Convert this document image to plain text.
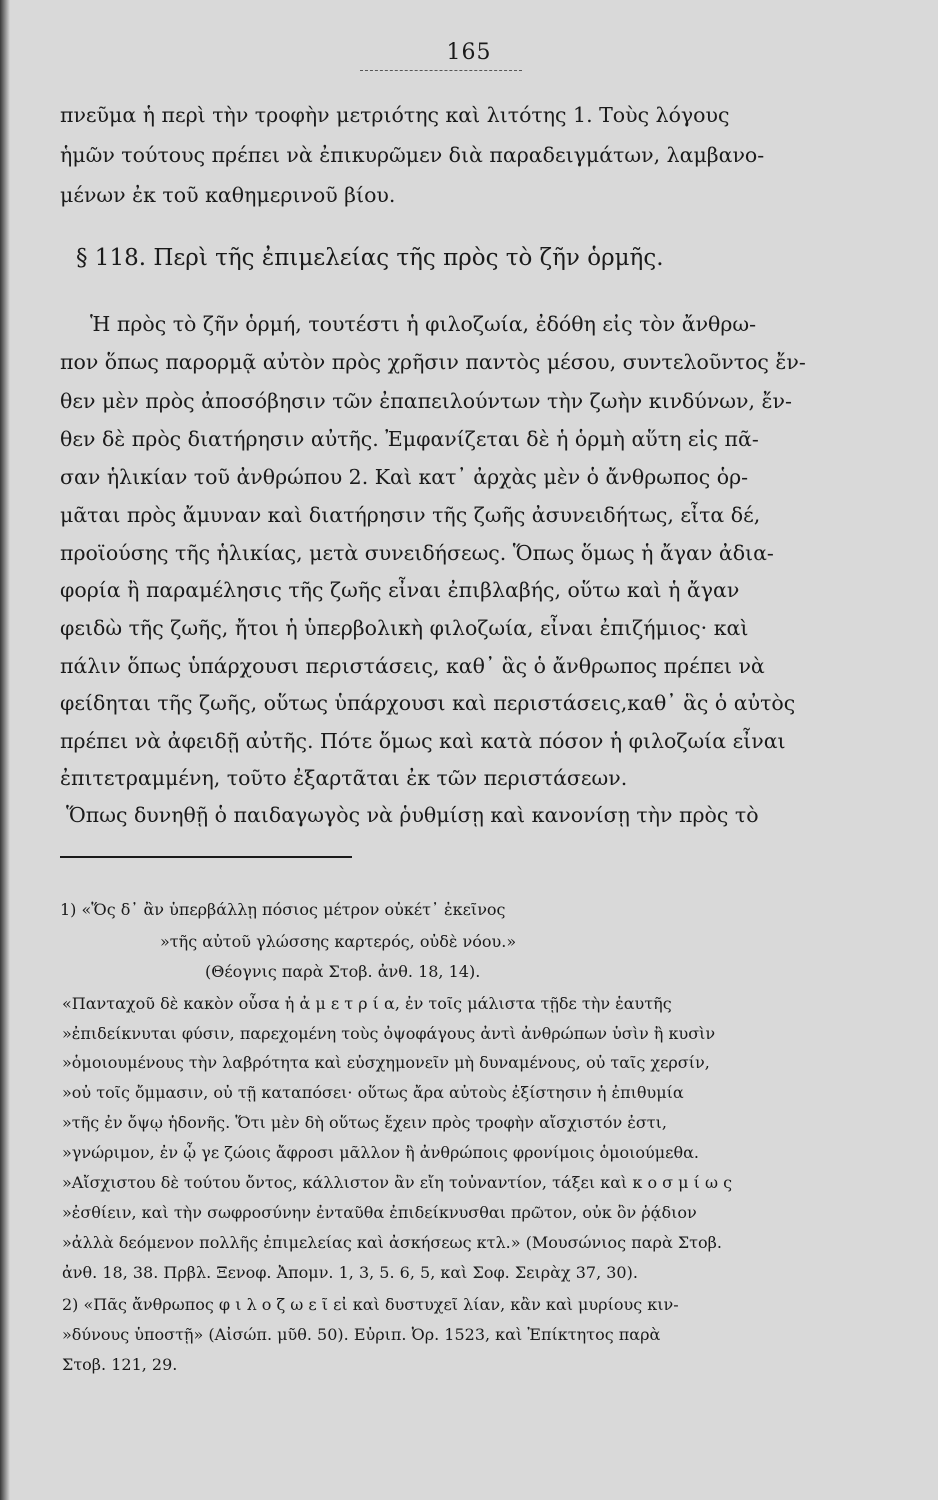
165
πνεῦμα ἡ περὶ τὴν τροφὴν μετριότης καὶ λιτότης 1. Τοὺς λόγους
ἡμῶν τούτους πρέπει νὰ ἐπικυρῶμεν διὰ παραδειγμάτων, λαμβανο-
μένων ἐκ τοῦ καθημερινοῦ βίου.
§ 118. Περὶ τῆς ἐπιμελείας τῆς πρὸς τὸ ζῆν ὁρμῆς.
Ἡ πρὸς τὸ ζῆν ὁρμή, τουτέστι ἡ φιλοζωία, ἐδόθη εἰς τὸν ἄνθρω-
πον ὅπως παρορμᾷ αὐτὸν πρὸς χρῆσιν παντὸς μέσου, συντελοῦντος ἔν-
θεν μὲν πρὸς ἀποσόβησιν τῶν ἐπαπειλούντων τὴν ζωὴν κινδύνων, ἔν-
θεν δὲ πρὸς διατήρησιν αὐτῆς. Ἐμφανίζεται δὲ ἡ ὁρμὴ αὕτη εἰς πᾶ-
σαν ἡλικίαν τοῦ ἀνθρώπου 2. Καὶ κατ᾽ ἀρχὰς μὲν ὁ ἄνθρωπος ὁρ-
μᾶται πρὸς ἄμυναν καὶ διατήρησιν τῆς ζωῆς ἀσυνειδήτως, εἶτα δέ,
προϊούσης τῆς ἡλικίας, μετὰ συνειδήσεως. Ὅπως ὅμως ἡ ἄγαν ἀδια-
φορία ἢ παραμέλησις τῆς ζωῆς εἶναι ἐπιβλαβής, οὕτω καὶ ἡ ἄγαν
φειδὼ τῆς ζωῆς, ἤτοι ἡ ὑπερβολικὴ φιλοζωία, εἶναι ἐπιζήμιος· καὶ
πάλιν ὅπως ὑπάρχουσι περιστάσεις, καθ᾽ ἃς ὁ ἄνθρωπος πρέπει νὰ
φείδηται τῆς ζωῆς, οὕτως ὑπάρχουσι καὶ περιστάσεις,καθ᾽ ἃς ὁ αὐτὸς
πρέπει νὰ ἀφειδῇ αὐτῆς. Πότε ὅμως καὶ κατὰ πόσον ἡ φιλοζωία εἶναι
ἐπιτετραμμένη, τοῦτο ἐξαρτᾶται ἐκ τῶν περιστάσεων.
Ὅπως δυνηθῇ ὁ παιδαγωγὸς νὰ ῥυθμίσῃ καὶ κανονίσῃ τὴν πρὸς τὸ
1) «Ὅς δ᾽ ἂν ὑπερβάλλῃ πόσιος μέτρον οὐκέτ᾽ ἐκεῖνος
»τῆς αὐτοῦ γλώσσης καρτερός, οὐδὲ νόου.»
(Θέογνις παρὰ Στοβ. ἀνθ. 18, 14).
«Πανταχοῦ δὲ κακὸν οὖσα ἡ ἀ μ ε τ ρ ί α, ἐν τοῖς μάλιστα τῇδε τὴν ἑαυτῆς
»ἐπιδείκνυται φύσιν, παρεχομένη τοὺς ὀψοφάγους ἀντὶ ἀνθρώπων ὑσὶν ἢ κυσὶν
»ὁμοιουμένους τὴν λαβρότητα καὶ εὐσχημονεῖν μὴ δυναμένους, οὐ ταῖς χερσίν,
»οὐ τοῖς ὄμμασιν, οὐ τῇ καταπόσει· οὕτως ἄρα αὐτοὺς ἐξίστησιν ἡ ἐπιθυμία
»τῆς ἐν ὄψῳ ἡδονῆς. Ὅτι μὲν δὴ οὕτως ἔχειν πρὸς τροφὴν αἴσχιστόν ἐστι,
»γνώριμον, ἐν ᾧ γε ζώοις ἄφροσι μᾶλλον ἢ ἀνθρώποις φρονίμοις ὁμοιούμεθα.
»Αἴσχιστου δὲ τούτου ὄντος, κάλλιστον ἂν εἴη τοὐναντίον, τάξει καὶ κ ο σ μ ί ω ς
»ἐσθίειν, καὶ τὴν σωφροσύνην ἐνταῦθα ἐπιδείκνυσθαι πρῶτον, οὐκ ὂν ῥᾴδιον
»ἀλλὰ δεόμενον πολλῆς ἐπιμελείας καὶ ἀσκήσεως κτλ.» (Μουσώνιος παρὰ Στοβ.
ἀνθ. 18, 38. Πρβλ. Ξενοφ. Ἀπομν. 1, 3, 5. 6, 5, καὶ Σοφ. Σειρὰχ 37, 30).
2) «Πᾶς ἄνθρωπος φ ι λ ο ζ ω ε ῖ εἰ καὶ δυστυχεῖ λίαν, κἂν καὶ μυρίους κιν-
»δύνους ὑποστῇ» (Αἰσώπ. μῦθ. 50). Εὐριπ. Ὀρ. 1523, καὶ Ἐπίκτητος παρὰ
Στοβ. 121, 29.
